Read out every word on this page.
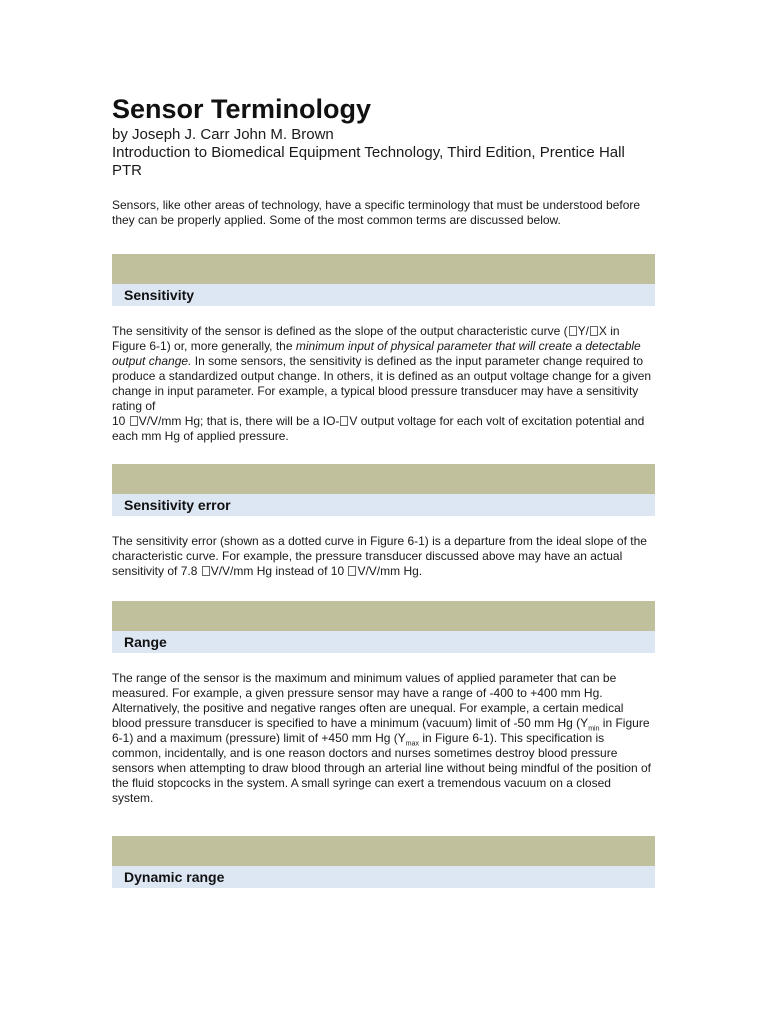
Sensor Terminology

by Joseph J. Carr John M. Brown

Introduction to Biomedical Equipment Technology, Third Edition, Prentice Hall PTR

Sensors, like other areas of technology, have a specific terminology that must be understood before they can be properly applied. Some of the most common terms are discussed below.

Sensitivity

The sensitivity of the sensor is defined as the slope of the output characteristic curve ( Y/ X in Figure 6-1) or, more generally, the minimum input of physical parameter that will create a detectable output change. In some sensors, the sensitivity is defined as the input parameter change required to produce a standardized output change. In others, it is defined as an output voltage change for a given change in input parameter. For example, a typical blood pressure transducer may have a sensitivity rating of
10 V/V/mm Hg; that is, there will be a IO- V output voltage for each volt of excitation potential and each mm Hg of applied pressure.

Sensitivity error

The sensitivity error (shown as a dotted curve in Figure 6-1) is a departure from the ideal slope of the characteristic curve. For example, the pressure transducer discussed above may have an actual sensitivity of 7.8 V/V/mm Hg instead of 10 V/V/mm Hg.

Range

The range of the sensor is the maximum and minimum values of applied parameter that can be measured. For example, a given pressure sensor may have a range of -400 to +400 mm Hg. Alternatively, the positive and negative ranges often are unequal. For example, a certain medical blood pressure transducer is specified to have a minimum (vacuum) limit of -50 mm Hg ($Y_{min}$ in Figure 6-1) and a maximum (pressure) limit of +450 mm Hg ($Y_{max}$ in Figure 6-1). This specification is common, incidentally, and is one reason doctors and nurses sometimes destroy blood pressure sensors when attempting to draw blood through an arterial line without being mindful of the position of the fluid stopcocks in the system. A small syringe can exert a tremendous vacuum on a closed system.

Dynamic range
